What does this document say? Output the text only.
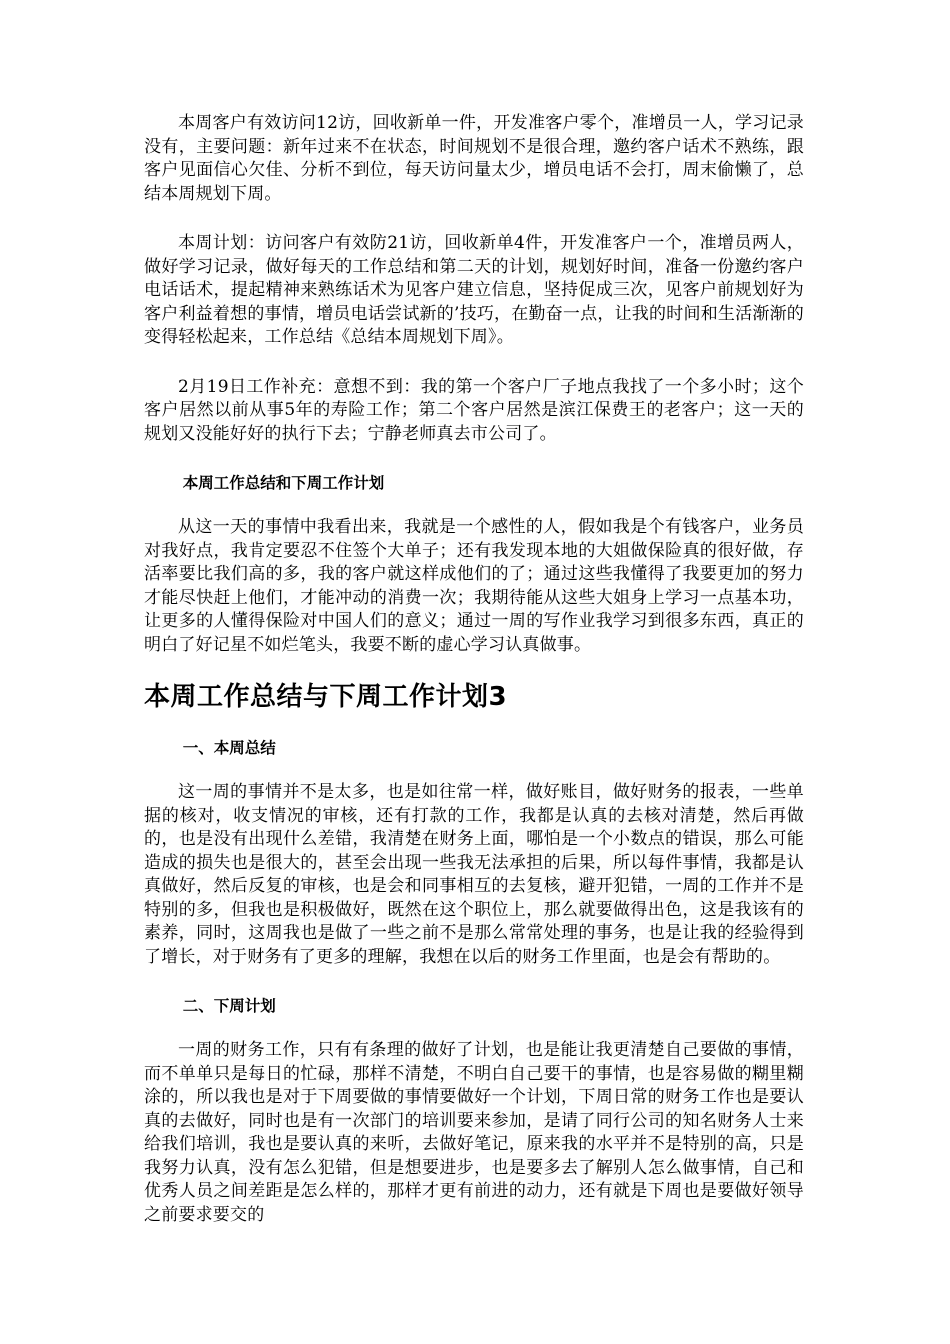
本周客户有效访问12访，回收新单一件，开发准客户零个，准增员一人，学习记录没有，主要问题：新年过来不在状态，时间规划不是很合理，邀约客户话术不熟练，跟客户见面信心欠佳、分析不到位，每天访问量太少，增员电话不会打，周末偷懒了，总结本周规划下周。

本周计划：访问客户有效防21访，回收新单4件，开发准客户一个，准增员两人，做好学习记录，做好每天的工作总结和第二天的计划，规划好时间，准备一份邀约客户电话话术，提起精神来熟练话术为见客户建立信息，坚持促成三次，见客户前规划好为客户利益着想的事情，增员电话尝试新的’技巧，在勤奋一点，让我的时间和生活渐渐的变得轻松起来，工作总结《总结本周规划下周》。

2月19日工作补充：意想不到：我的第一个客户厂子地点我找了一个多小时；这个客户居然以前从事5年的寿险工作；第二个客户居然是滨江保费王的老客户；这一天的规划又没能好好的执行下去；宁静老师真去市公司了。

本周工作总结和下周工作计划

从这一天的事情中我看出来，我就是一个感性的人，假如我是个有钱客户，业务员对我好点，我肯定要忍不住签个大单子；还有我发现本地的大姐做保险真的很好做，存活率要比我们高的多，我的客户就这样成他们的了；通过这些我懂得了我要更加的努力才能尽快赶上他们，才能冲动的消费一次；我期待能从这些大姐身上学习一点基本功，让更多的人懂得保险对中国人们的意义；通过一周的写作业我学习到很多东西，真正的明白了好记星不如烂笔头，我要不断的虚心学习认真做事。

本周工作总结与下周工作计划3

一、本周总结

这一周的事情并不是太多，也是如往常一样，做好账目，做好财务的报表，一些单据的核对，收支情况的审核，还有打款的工作，我都是认真的去核对清楚，然后再做的，也是没有出现什么差错，我清楚在财务上面，哪怕是一个小数点的错误，那么可能造成的损失也是很大的，甚至会出现一些我无法承担的后果，所以每件事情，我都是认真做好，然后反复的审核，也是会和同事相互的去复核，避开犯错，一周的工作并不是特别的多，但我也是积极做好，既然在这个职位上，那么就要做得出色，这是我该有的素养，同时，这周我也是做了一些之前不是那么常常处理的事务，也是让我的经验得到了增长，对于财务有了更多的理解，我想在以后的财务工作里面，也是会有帮助的。

二、下周计划

一周的财务工作，只有有条理的做好了计划，也是能让我更清楚自己要做的事情，而不单单只是每日的忙碌，那样不清楚，不明白自己要干的事情，也是容易做的糊里糊涂的，所以我也是对于下周要做的事情要做好一个计划，下周日常的财务工作也是要认真的去做好，同时也是有一次部门的培训要来参加，是请了同行公司的知名财务人士来给我们培训，我也是要认真的来听，去做好笔记，原来我的水平并不是特别的高，只是我努力认真，没有怎么犯错，但是想要进步，也是要多去了解别人怎么做事情，自己和优秀人员之间差距是怎么样的，那样才更有前进的动力，还有就是下周也是要做好领导之前要求要交的
